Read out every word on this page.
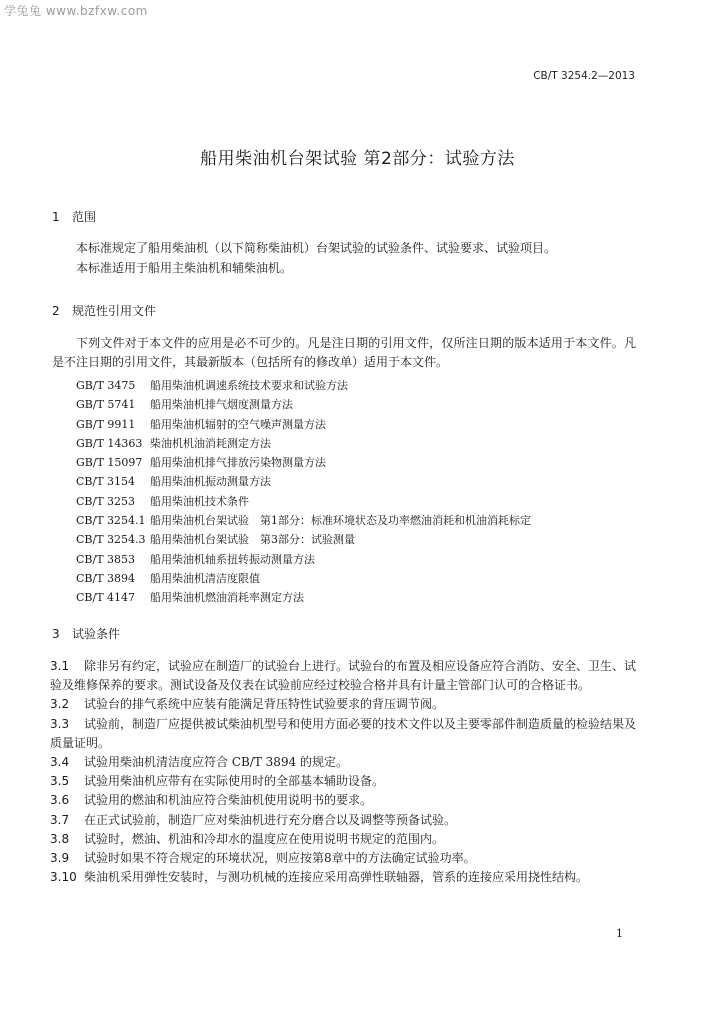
学兔兔 www.bzfxw.com
CB/T 3254.2—2013
船用柴油机台架试验 第2部分：试验方法
1 范围
本标准规定了船用柴油机（以下简称柴油机）台架试验的试验条件、试验要求、试验项目。
本标准适用于船用主柴油机和辅柴油机。
2 规范性引用文件
下列文件对于本文件的应用是必不可少的。凡是注日期的引用文件，仅所注日期的版本适用于本文件。凡是不注日期的引用文件，其最新版本（包括所有的修改单）适用于本文件。
GB/T 3475 船用柴油机调速系统技术要求和试验方法
GB/T 5741 船用柴油机排气烟度测量方法
GB/T 9911 船用柴油机辐射的空气噪声测量方法
GB/T 14363 柴油机机油消耗测定方法
GB/T 15097 船用柴油机排气排放污染物测量方法
CB/T 3154 船用柴油机振动测量方法
CB/T 3253 船用柴油机技术条件
CB/T 3254.1 船用柴油机台架试验　第1部分：标准环境状态及功率燃油消耗和机油消耗标定
CB/T 3254.3 船用柴油机台架试验　第3部分：试验测量
CB/T 3853 船用柴油机轴系扭转振动测量方法
CB/T 3894 船用柴油机清洁度限值
CB/T 4147 船用柴油机燃油消耗率测定方法
3 试验条件
3.1 除非另有约定，试验应在制造厂的试验台上进行。试验台的布置及相应设备应符合消防、安全、卫生、试验及维修保养的要求。测试设备及仪表在试验前应经过校验合格并具有计量主管部门认可的合格证书。
3.2 试验台的排气系统中应装有能满足背压特性试验要求的背压调节阀。
3.3 试验前，制造厂应提供被试柴油机型号和使用方面必要的技术文件以及主要零部件制造质量的检验结果及质量证明。
3.4 试验用柴油机清洁度应符合 CB/T 3894 的规定。
3.5 试验用柴油机应带有在实际使用时的全部基本辅助设备。
3.6 试验用的燃油和机油应符合柴油机使用说明书的要求。
3.7 在正式试验前，制造厂应对柴油机进行充分磨合以及调整等预备试验。
3.8 试验时，燃油、机油和冷却水的温度应在使用说明书规定的范围内。
3.9 试验时如果不符合规定的环境状况，则应按第8章中的方法确定试验功率。
3.10 柴油机采用弹性安装时，与测功机械的连接应采用高弹性联轴器，管系的连接应采用挠性结构。
1
